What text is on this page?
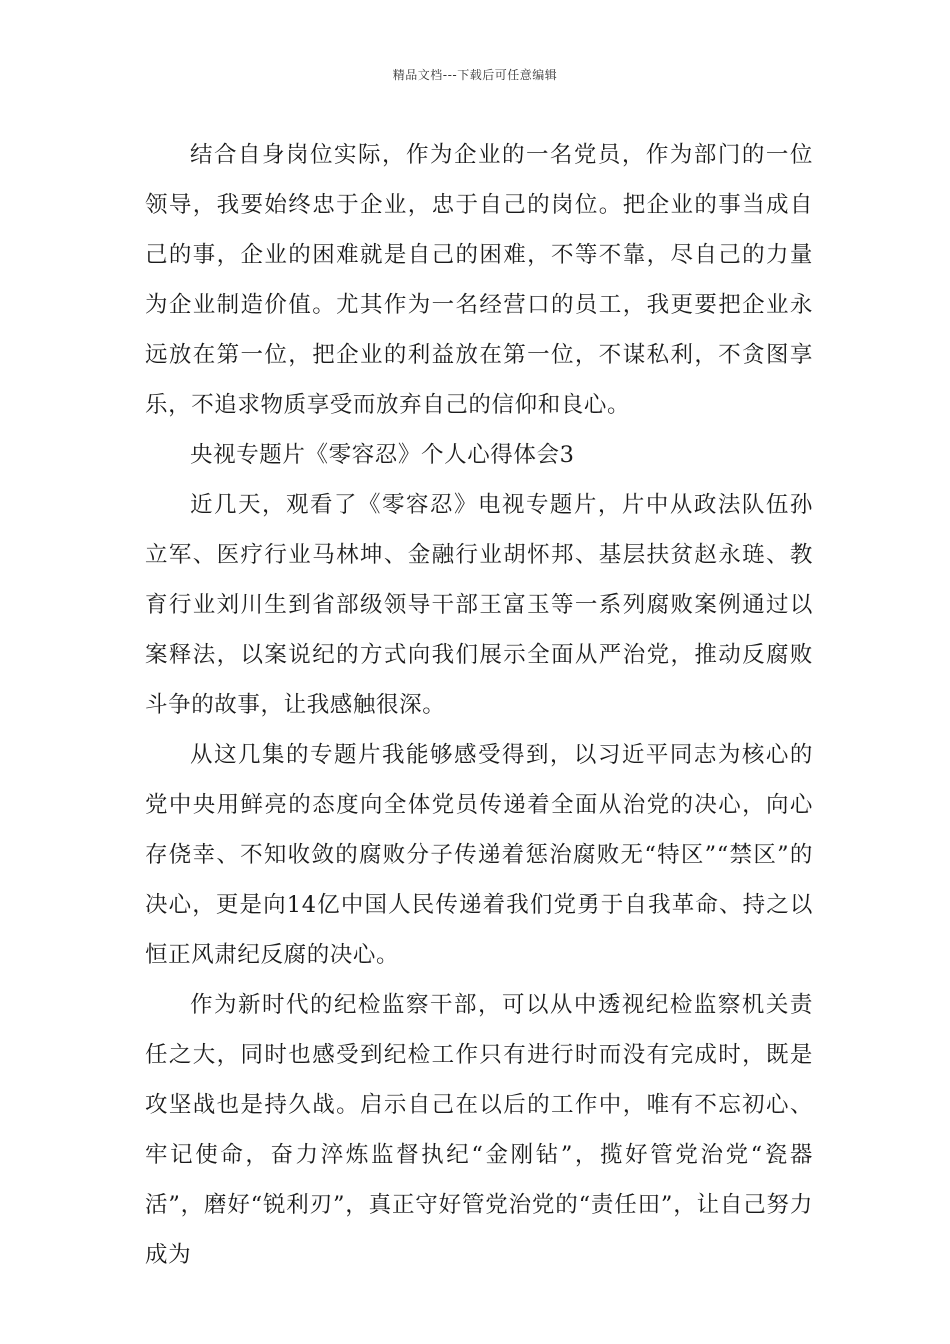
精品文档---下载后可任意编辑

结合自身岗位实际，作为企业的一名党员，作为部门的一位领导，我要始终忠于企业，忠于自己的岗位。把企业的事当成自己的事，企业的困难就是自己的困难，不等不靠，尽自己的力量为企业制造价值。尤其作为一名经营口的员工，我更要把企业永远放在第一位，把企业的利益放在第一位，不谋私利，不贪图享乐，不追求物质享受而放弃自己的信仰和良心。

央视专题片《零容忍》个人心得体会3

近几天，观看了《零容忍》电视专题片，片中从政法队伍孙立军、医疗行业马林坤、金融行业胡怀邦、基层扶贫赵永琏、教育行业刘川生到省部级领导干部王富玉等一系列腐败案例通过以案释法，以案说纪的方式向我们展示全面从严治党，推动反腐败斗争的故事，让我感触很深。

从这几集的专题片我能够感受得到，以习近平同志为核心的党中央用鲜亮的态度向全体党员传递着全面从治党的决心，向心存侥幸、不知收敛的腐败分子传递着惩治腐败无“特区”“禁区”的决心，更是向14亿中国人民传递着我们党勇于自我革命、持之以恒正风肃纪反腐的决心。

作为新时代的纪检监察干部，可以从中透视纪检监察机关责任之大，同时也感受到纪检工作只有进行时而没有完成时，既是攻坚战也是持久战。启示自己在以后的工作中，唯有不忘初心、牢记使命，奋力淬炼监督执纪“金刚钻”，揽好管党治党“瓷器活”，磨好“锐利刃”，真正守好管党治党的“责任田”，让自己努力成为
